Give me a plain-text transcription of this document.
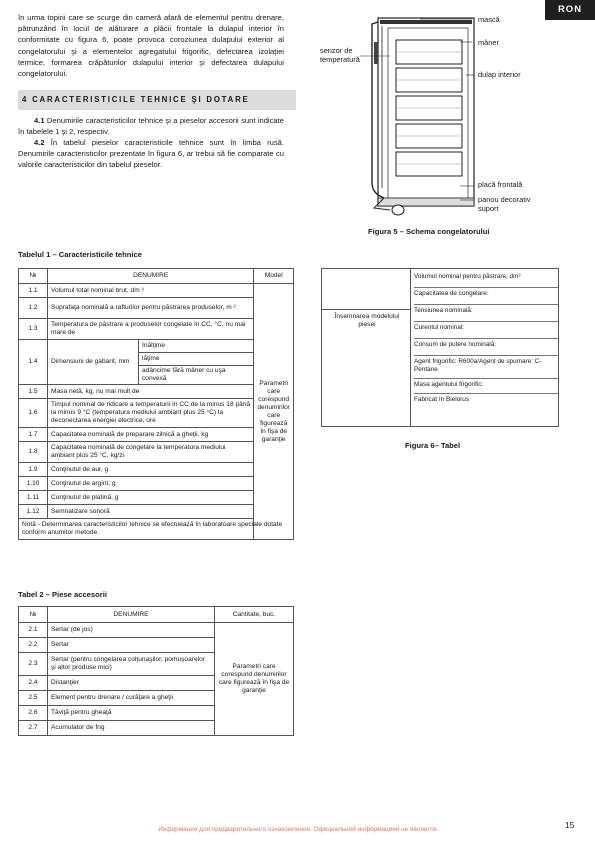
RON
în urma topirii care se scurge din cameră afară de elementul pentru drenare, pătrunzând în locul de alăturare a plăcii frontale la dulapul interior în conformitate cu figura 6, poate provoca coroziunea dulapului exterior al congelatorului şi a elementelor agregatului frigorific, defectarea izolaţiei termice, formarea crăpăturilor dulapului interior şi defectarea dulapului congelatorului.
4 CARACTERISTICILE TEHNICE ŞI DOTARE
4.1 Denumirile caracteristicilor tehnice şi a pieselor accesorii sunt indicate în tabelele 1 şi 2, respectiv.
4.2 În tabelul pieselor caracteristicile tehnice sunt în limba rusă. Denumirile caracteristicilor prezentate în figura 6, ar trebui să fie comparate cu valorile caracteristicilor din tabelul pieselor.
mască
mâner
senzor de temperatură
dulap interior
placă frontală
panou decorativ suport
Figura 5 – Schema congelatorului
Tabelul 1 – Caracteristicile tehnice
№	DENUMIRE		Model
1.1	Volumul total nominal brut, dm ³		Parametri care corespund denumirilor care figurează în fişa de garanţie
1.2	Suprafaţa nominală a rafturilor pentru păstrarea produselor, m ²		
1.3	Temperatura de păstrare a produselor congelate în CC, °C, nu mai mare de		
1.4	Dimensiuni de gabarit, mm	înălţime	
		lăţime	
		adâncime fără mâner cu uşa convexă	
1.5	Masa netă, kg, nu mai mult de		
1.6	Timpul nominal de ridicare a temperaturii în CC de la minus 18 până la minus 9 °C (temperatura mediului ambiant plus 25 °C) la deconectarea energiei electrice, ore		
1.7	Capacitatea nominală de preparare zilnică a gheţii, kg		
1.8	Capacitatea nominală de congelare la temperatura mediului ambiant plus 25 °C, kg/zi		
1.9	Conţinutul de aur, g		
1.10	Conţinutul de argint, g		
1.11	Conţinutul de platină, g		
1.12	Semnalizare sonoră		
Notă - Determinarea caracteristicilor tehnice se efectuează în laboratoare speciale dotate conform anumitor metode.			
Însemnarea modelului piesei
Volumul nominal pentru păstrare, dm³
Capacitatea de congelare:
Tensiunea nominală:
Curentul nominal:
Consum de putere nominală:
Agent frigorific: R600a/Agent de spumare: C-Pentane
Masa agentului frigorific:
Fabricat în Bielorus
Figura 6– Tabel
Tabel 2 – Piese accesorii
№	DENUMIRE	Cantitate, buc.
2.1	Sertar (de jos)	Parametri care corespund denumirilor care figurează în fişa de garanţie
2.2	Sertar	
2.3	Sertar (pentru congelarea colţunaşilor, pomuşoarelor şi altor produse mici)	
2.4	Distanţier	
2.5	Element pentru drenare / curăţare a gheţii	
2.6	Tăviţă pentru gheaţă	
2.7	Acumulator de frig	
15
Информация для предварительного ознакомления. Официальной информацией не является
